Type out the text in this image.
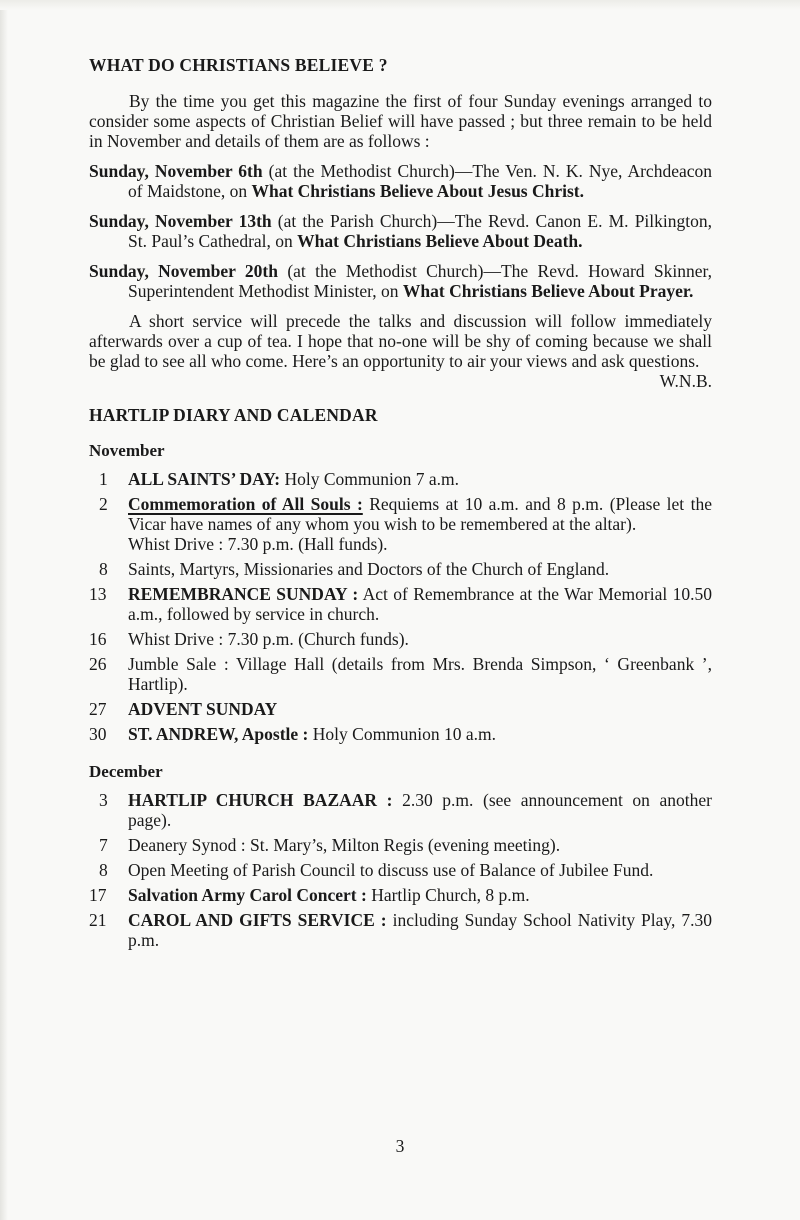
WHAT DO CHRISTIANS BELIEVE ?

By the time you get this magazine the first of four Sunday evenings arranged to consider some aspects of Christian Belief will have passed ; but three remain to be held in November and details of them are as follows :

Sunday, November 6th (at the Methodist Church)—The Ven. N. K. Nye, Archdeacon of Maidstone, on What Christians Believe About Jesus Christ.

Sunday, November 13th (at the Parish Church)—The Revd. Canon E. M. Pilkington, St. Paul’s Cathedral, on What Christians Believe About Death.

Sunday, November 20th (at the Methodist Church)—The Revd. Howard Skinner, Superintendent Methodist Minister, on What Christians Believe About Prayer.

A short service will precede the talks and discussion will follow immediately afterwards over a cup of tea. I hope that no-one will be shy of coming because we shall be glad to see all who come. Here’s an opportunity to air your views and ask questions.

W.N.B.

HARTLIP DIARY AND CALENDAR
November
1	ALL SAINTS’ DAY: Holy Communion 7 a.m.
2	Commemoration of All Souls : Requiems at 10 a.m. and 8 p.m. (Please let the Vicar have names of any whom you wish to be remembered at the altar).
Whist Drive : 7.30 p.m. (Hall funds).
8	Saints, Martyrs, Missionaries and Doctors of the Church of England.
13	REMEMBRANCE SUNDAY : Act of Remembrance at the War Memorial 10.50 a.m., followed by service in church.
16	Whist Drive : 7.30 p.m. (Church funds).
26	Jumble Sale : Village Hall (details from Mrs. Brenda Simpson, ‘ Greenbank ’, Hartlip).
27	ADVENT SUNDAY
30	ST. ANDREW, Apostle : Holy Communion 10 a.m.
December
3	HARTLIP CHURCH BAZAAR : 2.30 p.m. (see announcement on another page).
7	Deanery Synod : St. Mary’s, Milton Regis (evening meeting).
8	Open Meeting of Parish Council to discuss use of Balance of Jubilee Fund.
17	Salvation Army Carol Concert : Hartlip Church, 8 p.m.
21	CAROL AND GIFTS SERVICE : including Sunday School Nativity Play, 7.30 p.m.
3
